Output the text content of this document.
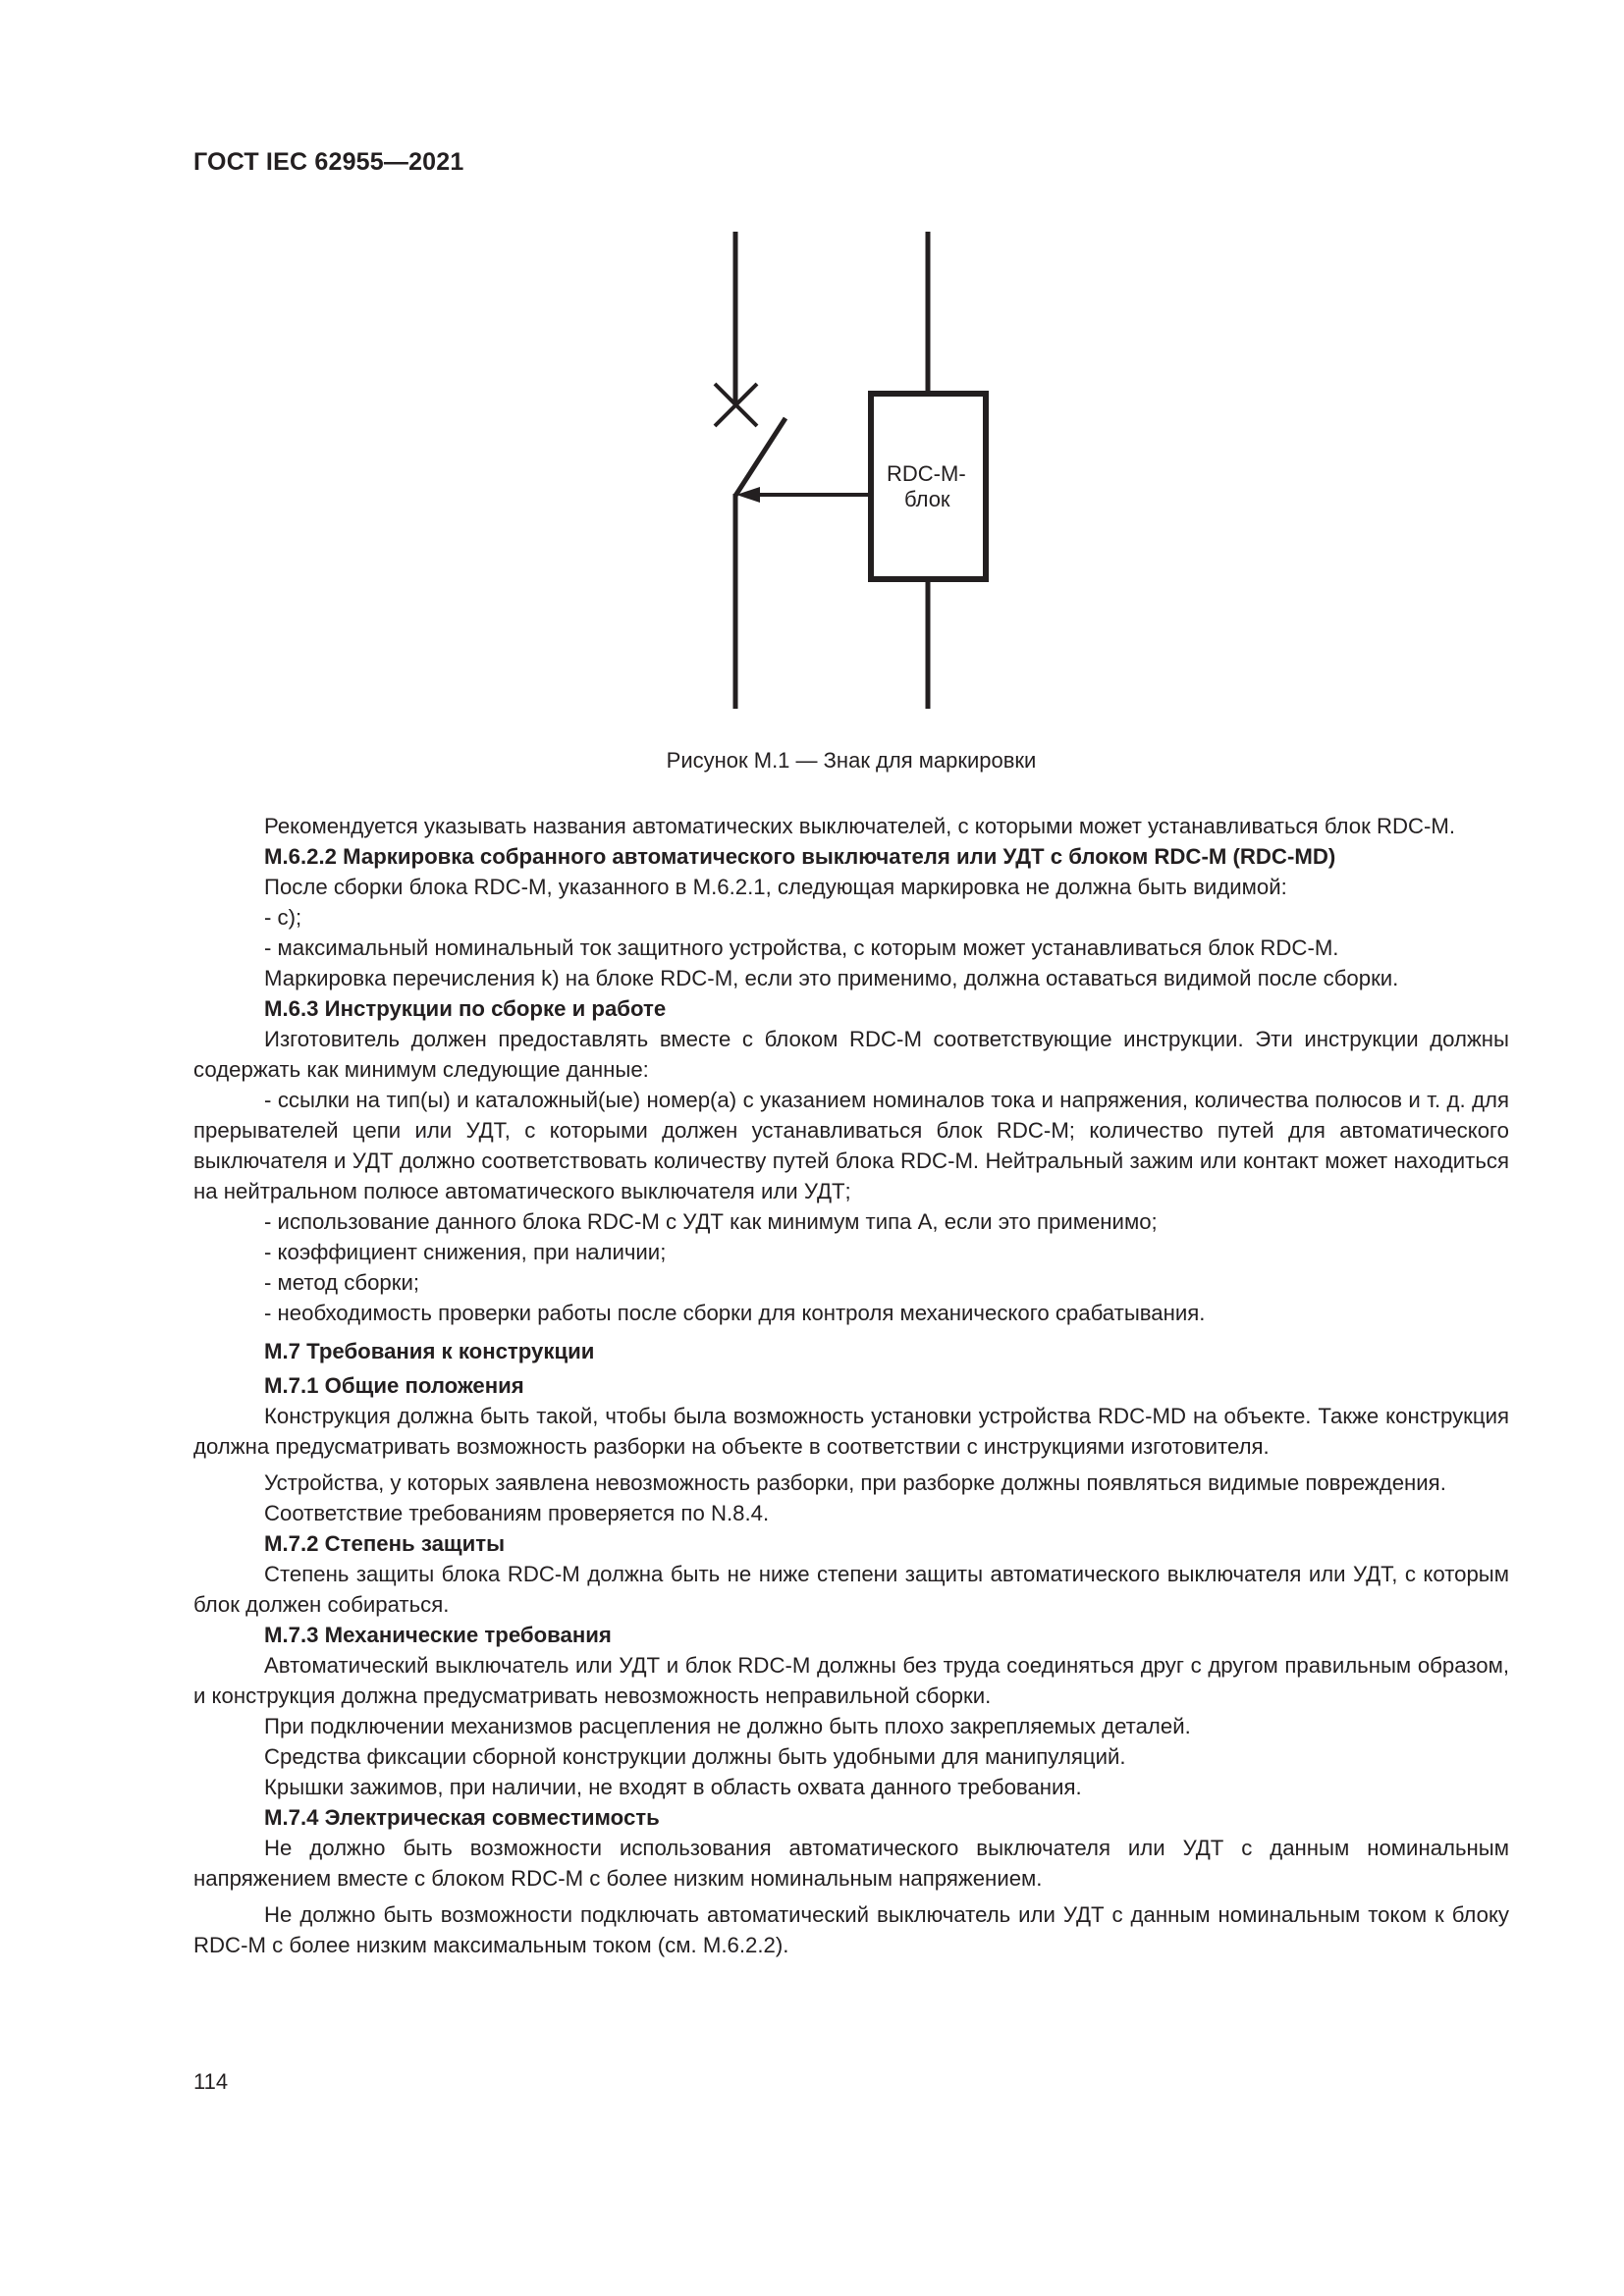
ГОСТ IEC 62955—2021
RDC-M-
блок
Рисунок М.1 — Знак для маркировки

Рекомендуется указывать названия автоматических выключателей, с которыми может устанавливаться блок RDC-M.

М.6.2.2 Маркировка собранного автоматического выключателя или УДТ с блоком RDC-M (RDC-MD)

После сборки блока RDC-M, указанного в М.6.2.1, следующая маркировка не должна быть видимой:

- с);

- максимальный номинальный ток защитного устройства, с которым может устанавливаться блок RDC-M.

Маркировка перечисления k) на блоке RDC-M, если это применимо, должна оставаться видимой после сборки.

М.6.3 Инструкции по сборке и работе

Изготовитель должен предоставлять вместе с блоком RDC-M соответствующие инструкции. Эти инструкции должны содержать как минимум следующие данные:

- ссылки на тип(ы) и каталожный(ые) номер(а) с указанием номиналов тока и напряжения, количества полюсов и т. д. для прерывателей цепи или УДТ, с которыми должен устанавливаться блок RDC-M; количество путей для автоматического выключателя и УДТ должно соответствовать количеству путей блока RDC-M. Нейтральный зажим или контакт может находиться на нейтральном полюсе автоматического выключателя или УДТ;

- использование данного блока RDC-M с УДТ как минимум типа А, если это применимо;

- коэффициент снижения, при наличии;

- метод сборки;

- необходимость проверки работы после сборки для контроля механического срабатывания.

М.7 Требования к конструкции
М.7.1 Общие положения

Конструкция должна быть такой, чтобы была возможность установки устройства RDC-MD на объекте. Также конструкция должна предусматривать возможность разборки на объекте в соответствии с инструкциями изготовителя.

Устройства, у которых заявлена невозможность разборки, при разборке должны появляться видимые повреждения.

Соответствие требованиям проверяется по N.8.4.

М.7.2 Степень защиты

Степень защиты блока RDC-M должна быть не ниже степени защиты автоматического выключателя или УДТ, с которым блок должен собираться.

М.7.3 Механические требования

Автоматический выключатель или УДТ и блок RDC-M должны без труда соединяться друг с другом правильным образом, и конструкция должна предусматривать невозможность неправильной сборки.

При подключении механизмов расцепления не должно быть плохо закрепляемых деталей.

Средства фиксации сборной конструкции должны быть удобными для манипуляций.

Крышки зажимов, при наличии, не входят в область охвата данного требования.

М.7.4 Электрическая совместимость

Не должно быть возможности использования автоматического выключателя или УДТ с данным номинальным напряжением вместе с блоком RDC-M с более низким номинальным напряжением.

Не должно быть возможности подключать автоматический выключатель или УДТ с данным номинальным током к блоку RDC-M с более низким максимальным током (см. М.6.2.2).

114
